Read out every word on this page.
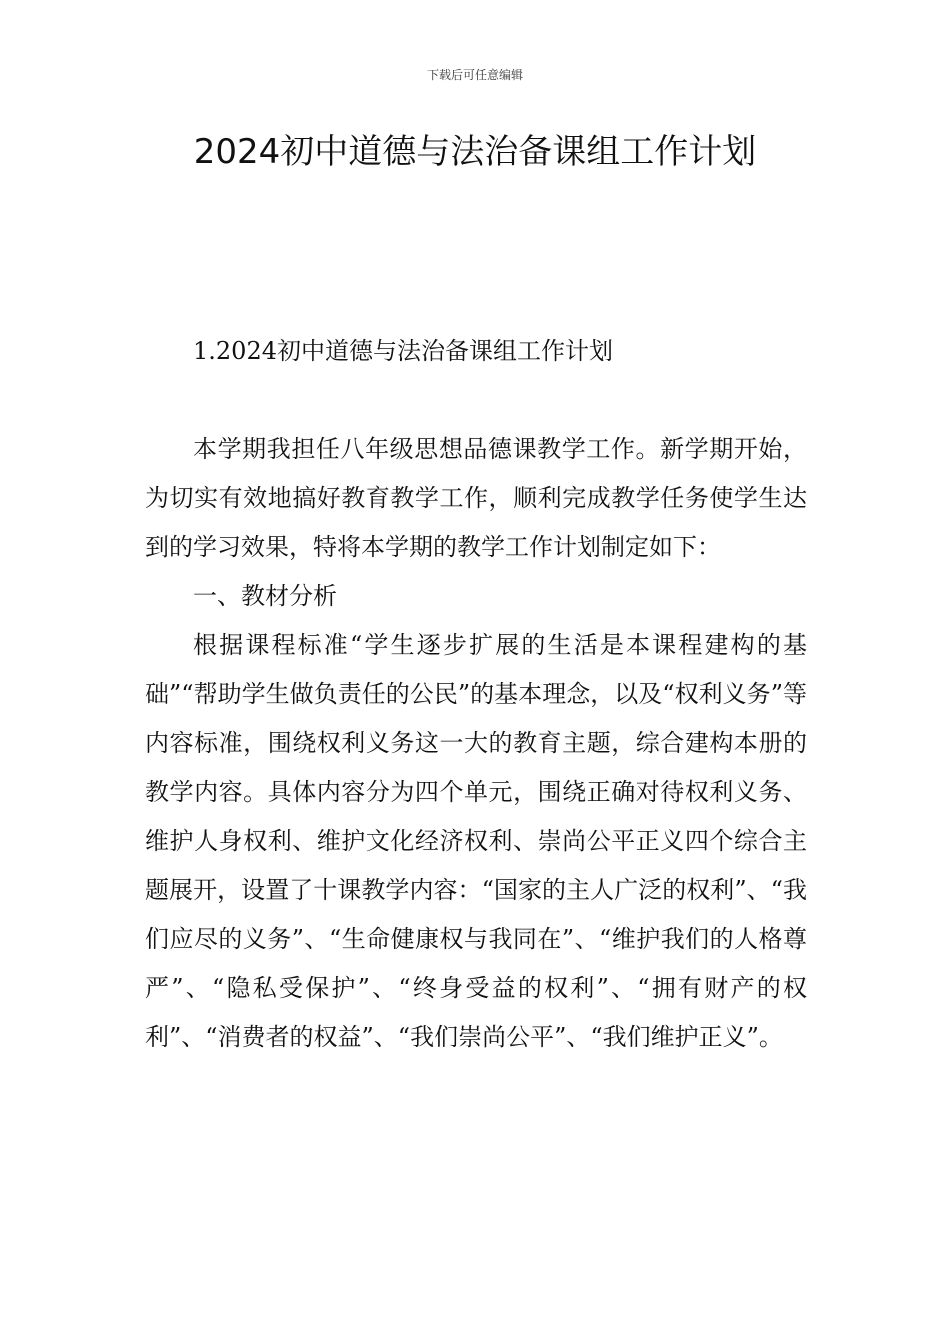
下载后可任意编辑
2024初中道德与法治备课组工作计划

1.2024初中道德与法治备课组工作计划

本学期我担任八年级思想品德课教学工作。新学期开始，为切实有效地搞好教育教学工作，顺利完成教学任务使学生达到的学习效果，特将本学期的教学工作计划制定如下：

一、教材分析

根据课程标准“学生逐步扩展的生活是本课程建构的基础”“帮助学生做负责任的公民”的基本理念，以及“权利义务”等内容标准，围绕权利义务这一大的教育主题，综合建构本册的教学内容。具体内容分为四个单元，围绕正确对待权利义务、维护人身权利、维护文化经济权利、崇尚公平正义四个综合主题展开，设置了十课教学内容：“国家的主人广泛的权利”、“我们应尽的义务”、“生命健康权与我同在”、“维护我们的人格尊严”、“隐私受保护”、“终身受益的权利”、“拥有财产的权利”、“消费者的权益”、“我们崇尚公平”、“我们维护正义”。
